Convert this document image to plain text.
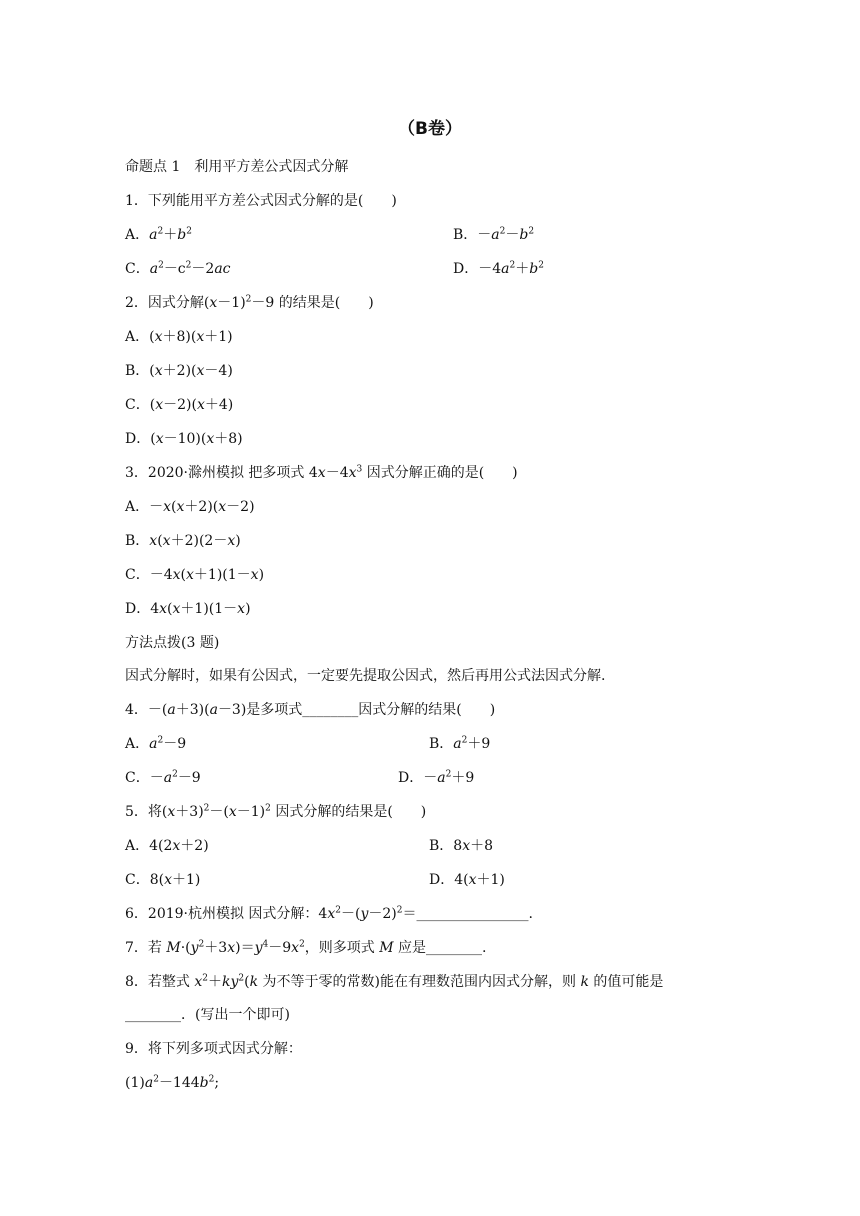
（B卷）
命题点 1　利用平方差公式因式分解
1．下列能用平方差公式因式分解的是(　　)
A．$a^2+b^2$	B．$-a^2-b^2$
C．$a^2-c^2-2ac$	D．$-4a^2+b^2$
2．因式分解$(x-1)^2-9$ 的结果是(　　)
A．(x＋8)(x＋1)
B．(x＋2)(x－4)
C．(x－2)(x＋4)
D．(x－10)(x＋8)
3．2020·滁州模拟 把多项式 $4x-4x^3$ 因式分解正确的是(　　)
A．－x(x＋2)(x－2)
B．x(x＋2)(2－x)
C．－4x(x＋1)(1－x)
D．4x(x＋1)(1－x)
方法点拨(3 题)
因式分解时，如果有公因式，一定要先提取公因式，然后再用公式法因式分解.
4．－(a＋3)(a－3)是多项式________因式分解的结果(　　)
A．$a^2-9$	B．$a^2+9$
C．$-a^2-9$	D．$-a^2+9$
5．将$(x+3)^2-(x-1)^2$ 因式分解的结果是(　　)
A．4(2x＋2)	B．8x＋8
C．8(x＋1)	D．4(x＋1)
6．2019·杭州模拟 因式分解：$4x^2-(y-2)^2=\_\_\_\_\_\_\_\_\_\_\_\_\_\_\_\_$.
7．若 $M\cdot(y^2+3x)=y^4-9x^2$，则多项式 M 应是________.
8．若整式 $x^2+ky^2(k$ 为不等于零的常数)能在有理数范围内因式分解，则 k 的值可能是
________．(写出一个即可)
9．将下列多项式因式分解：
$(1)a^2-144b^2$;
